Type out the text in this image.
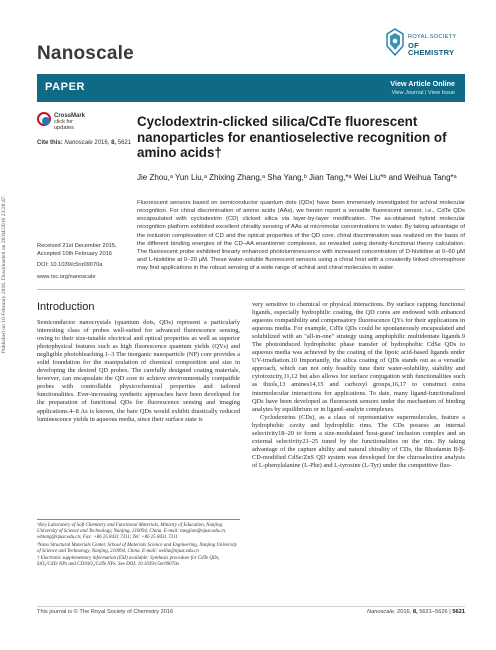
Published on 10 February 2016. Downloaded on 26/04/2016 23:28:47.
Nanoscale
ROYAL SOCIETY
OF CHEMISTRY
PAPER	View Article Online
View Journal | View Issue
CrossMark
click for updates
Cite this: Nanoscale 2016, 8, 5621
Cyclodextrin-clicked silica/CdTe fluorescent nanoparticles for enantioselective recognition of amino acids†
Jie Zhou,ᵃ Yun Liu,ᵃ Zhixing Zhang,ᵃ Sha Yang,ᵇ Jian Tang,*ᵃ Wei Liu*ᵇ and Weihua Tang*ᵃ
Fluorescent sensors based on semiconductor quantum dots (QDs) have been immensely investigated for achiral molecular recognition. For chiral discrimination of amino acids (AAs), we herein report a versatile fluorescent sensor, i.e., CdTe QDs encapsulated with cyclodextrin (CD) clicked silica via layer-by-layer modification. The as-obtained hybrid molecular recognition platform exhibited excellent chirality sensing of AAs at micromolar concentrations in water. By taking advantage of the inclusion complexation of CD and the optical properties of the QD core, chiral discrimination was realized on the basis of the different binding energies of the CD–AA enantiomer complexes, as revealed using density-functional theory calculation. The fluorescent probe exhibited linearly enhanced photoluminescence with increased concentration of D-histidine at 0–60 μM and L-histidine at 0–20 μM. These water-soluble fluorescent sensors using a chiral host with a covalently linked chromophore may find applications in the robust sensing of a wide range of achiral and chiral molecules in water.
Received 21st December 2015,
Accepted 10th February 2016
DOI: 10.1039/c5nr09070a
www.rsc.org/nanoscale
Introduction

Semiconductor nanocrystals (quantum dots, QDs) represent a particularly interesting class of probes well-suited for advanced fluorescence sensing, owing to their size-tunable electrical and optical properties as well as superior photophysical features such as high fluorescence quantum yields (QYs) and negligible photobleaching.1–3 The inorganic nanoparticle (NP) core provides a solid foundation for the manipulation of chemical composition and size in developing the desired QD probes. The carefully designed coating materials, however, can encapsulate the QD core to achieve environmentally compatible probes with controllable physicochemical properties and tailored functionalities. Ever-increasing synthetic approaches have been developed for the preparation of functional QDs for fluorescence sensing and imaging applications.4–8 As is known, the bare QDs would exhibit drastically reduced luminescence yields in aqueous media, since their surface state is

very sensitive to chemical or physical interactions. By surface capping functional ligands, especially hydrophilic coating, the QD cores are endowed with enhanced aqueous compatibility and compensatory fluorescence QYs for their applications in aqueous media. For example, CdTe QDs could be spontaneously encapsulated and solubilized with an "all-in-one" strategy using amphiphilic multidentate ligands.9 The photoinduced hydrophobic phase transfer of hydrophobic CdSe QDs to aqueous media was achieved by the coating of the lipoic acid-based ligands under UV-irradiation.10 Importantly, the silica coating of QDs stands out as a versatile approach, which can not only feasibly tune their water-solubility, stability and cytotoxicity,11,12 but also allows for surface conjugation with functionalities such as thiols,13 amines14,15 and carboxyl groups,16,17 to construct extra intermolecular interactions for applications. To date, many ligand-functionalized QDs have been developed as fluorescent sensors under the mechanism of binding analytes by equilibrium or in ligand–analyte complexes.

Cyclodextrins (CDs), as a class of representative supermolecules, feature a hydrophobic cavity and hydrophilic rims. The CDs possess an internal selectivity18–20 to form a size-modulated 'host-guest' inclusion complex and an external selectivity21–25 tuned by the functionalities on the rim. By taking advantage of the capture ability and natural chirality of CDs, the Rhodamin B/β-CD-modified CdSe/ZnS QD system was developed for the chiroselective analysis of L-phenylalanine (L-Phe) and L-tyrosine (L-Tyr) under the competitive fluo-

ᵃKey Laboratory of Soft Chemistry and Functional Materials, Ministry of Education, Nanjing University of Science and Technology, Nanjing, 210094, China. E-mail: tangjian@njust.edu.cn, whtang@njust.edu.cn; Fax: +86 25 8431 7311; Tel: +86 25 8431 7311

ᵇNano Structural Materials Center, School of Materials Science and Engineering, Nanjing University of Science and Technology, Nanjing, 210094, China. E-mail: weiliu@njust.edu.cn

† Electronic supplementary information (ESI) available: Synthesis procedure for CdTe QDs, SiO₂/CdTe NPs and CD/SiO₂/CdTe NPs. See DOI: 10.1039/c5nr09070a

This journal is © The Royal Society of Chemistry 2016	Nanoscale, 2016, 8, 5621–5626 | 5621
